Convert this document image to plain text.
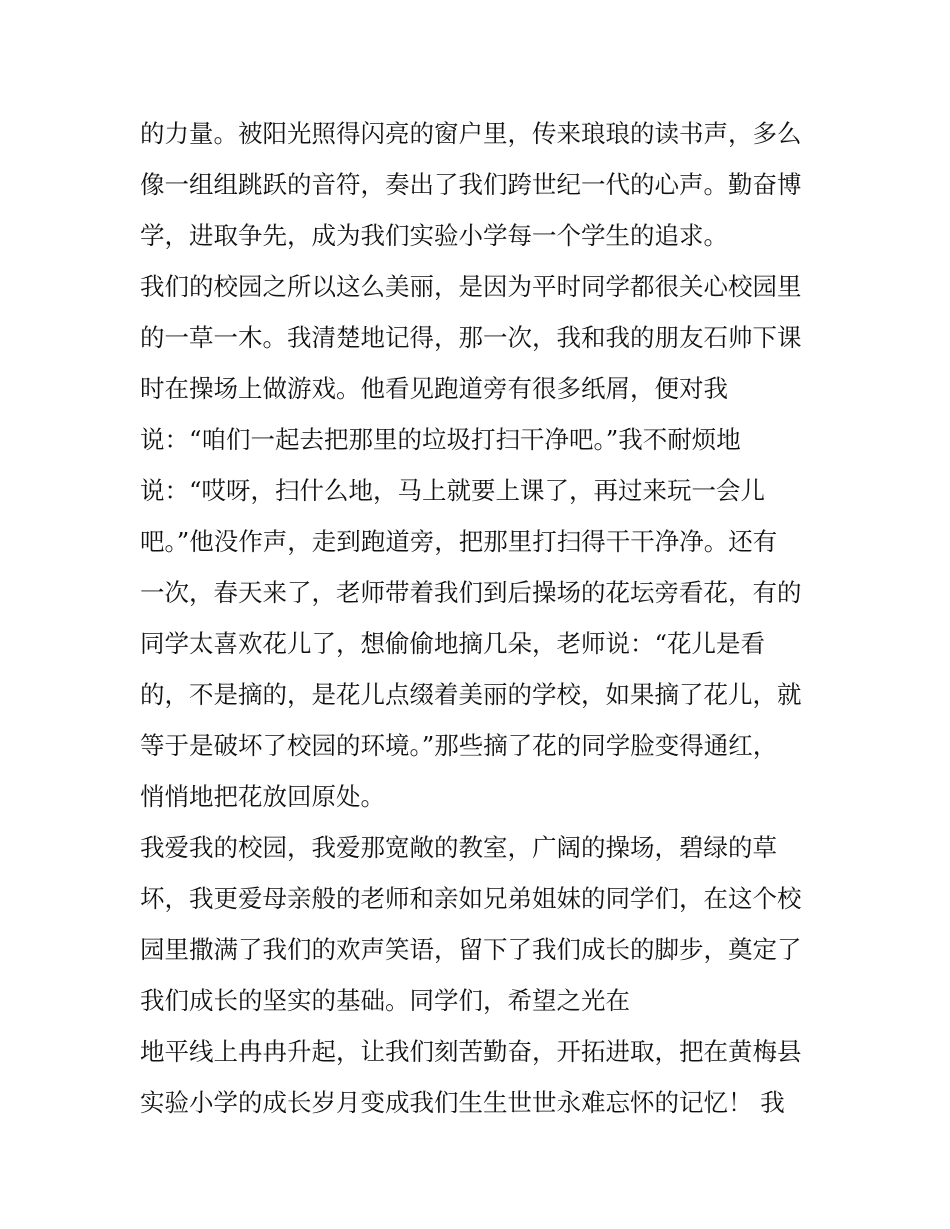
的力量。被阳光照得闪亮的窗户里，传来琅琅的读书声，多么
像一组组跳跃的音符，奏出了我们跨世纪一代的心声。勤奋博
学，进取争先，成为我们实验小学每一个学生的追求。
我们的校园之所以这么美丽，是因为平时同学都很关心校园里
的一草一木。我清楚地记得，那一次，我和我的朋友石帅下课
时在操场上做游戏。他看见跑道旁有很多纸屑，便对我
说：“咱们一起去把那里的垃圾打扫干净吧。”我不耐烦地
说：“哎呀，扫什么地，马上就要上课了，再过来玩一会儿
吧。”他没作声，走到跑道旁，把那里打扫得干干净净。还有
一次，春天来了，老师带着我们到后操场的花坛旁看花，有的
同学太喜欢花儿了，想偷偷地摘几朵，老师说：“花儿是看
的，不是摘的，是花儿点缀着美丽的学校，如果摘了花儿，就
等于是破坏了校园的环境。”那些摘了花的同学脸变得通红，
悄悄地把花放回原处。
我爱我的校园，我爱那宽敞的教室，广阔的操场，碧绿的草
坏，我更爱母亲般的老师和亲如兄弟姐妹的同学们，在这个校
园里撒满了我们的欢声笑语，留下了我们成长的脚步，奠定了
我们成长的坚实的基础。同学们，希望之光在
地平线上冉冉升起，让我们刻苦勤奋，开拓进取，把在黄梅县
实验小学的成长岁月变成我们生生世世永难忘怀的记忆！ 我
